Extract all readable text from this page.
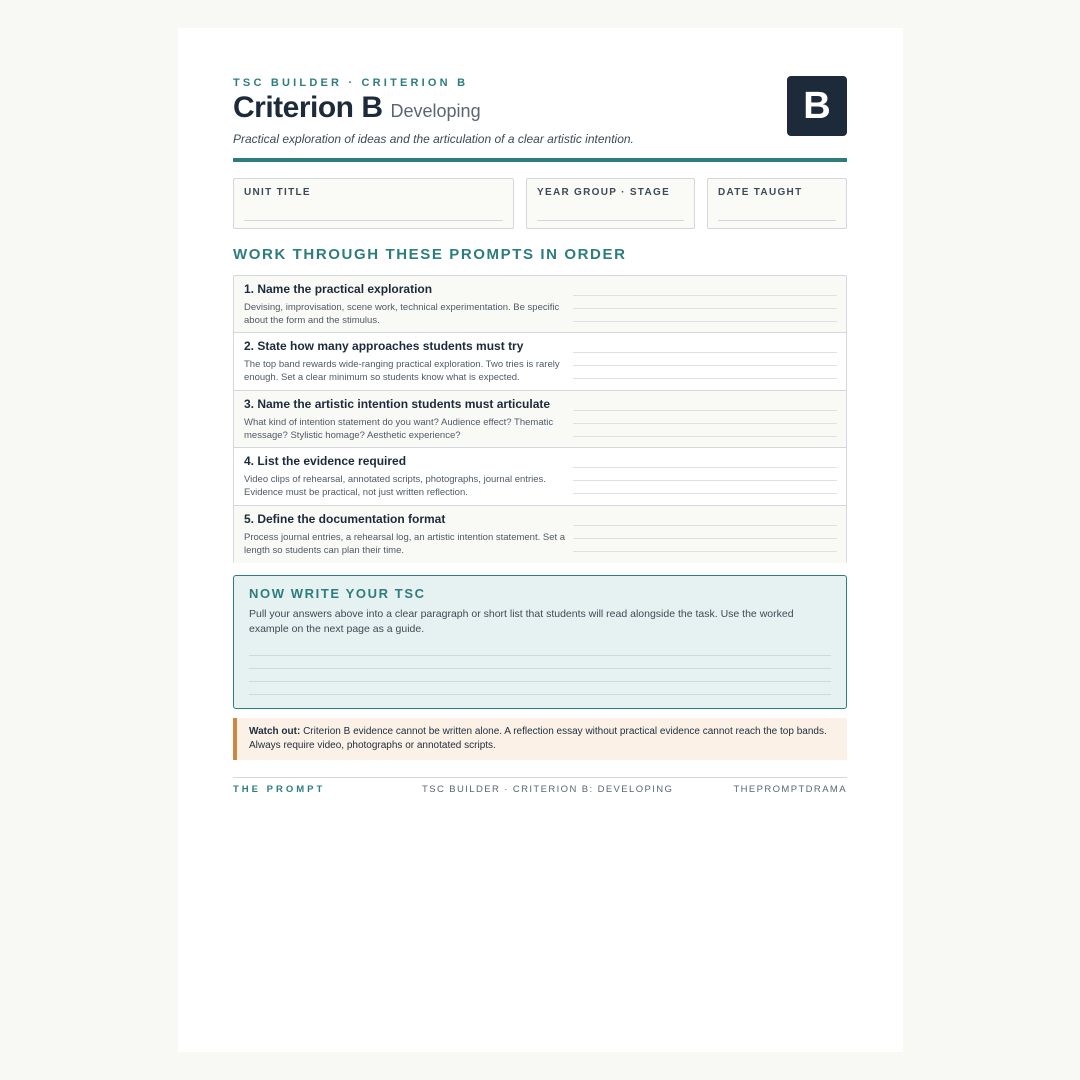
TSC BUILDER · CRITERION B
Criterion B Developing
Practical exploration of ideas and the articulation of a clear artistic intention.
B
UNIT TITLE	YEAR GROUP · STAGE	DATE TAUGHT
WORK THROUGH THESE PROMPTS IN ORDER
1. Name the practical exploration
Devising, improvisation, scene work, technical experimentation. Be specific about the form and the stimulus.
2. State how many approaches students must try
The top band rewards wide-ranging practical exploration. Two tries is rarely enough. Set a clear minimum so students know what is expected.
3. Name the artistic intention students must articulate
What kind of intention statement do you want? Audience effect? Thematic message? Stylistic homage? Aesthetic experience?
4. List the evidence required
Video clips of rehearsal, annotated scripts, photographs, journal entries. Evidence must be practical, not just written reflection.
5. Define the documentation format
Process journal entries, a rehearsal log, an artistic intention statement. Set a length so students can plan their time.
NOW WRITE YOUR TSC
Pull your answers above into a clear paragraph or short list that students will read alongside the task. Use the worked example on the next page as a guide.

Watch out: Criterion B evidence cannot be written alone. A reflection essay without practical evidence cannot reach the top bands. Always require video, photographs or annotated scripts.

THE PROMPT	TSC BUILDER · CRITERION B: DEVELOPING	THEPROMPTDRAMA
